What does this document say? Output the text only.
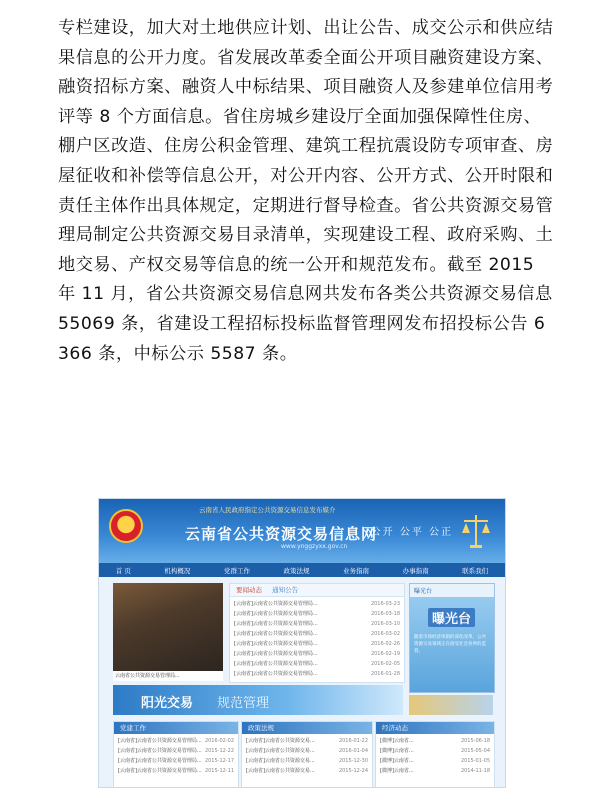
专栏建设，加大对土地供应计划、出让公告、成交公示和供应结果信息的公开力度。省发展改革委全面公开项目融资建设方案、融资招标方案、融资人中标结果、项目融资人及参建单位信用考评等 8 个方面信息。省住房城乡建设厅全面加强保障性住房、棚户区改造、住房公积金管理、建筑工程抗震设防专项审查、房屋征收和补偿等信息公开，对公开内容、公开方式、公开时限和责任主体作出具体规定，定期进行督导检查。省公共资源交易管理局制定公共资源交易目录清单，实现建设工程、政府采购、土地交易、产权交易等信息的统一公开和规范发布。截至 2015 年 11 月，省公共资源交易信息网共发布各类公共资源交易信息 55069 条，省建设工程招标投标监督管理网发布招投标公告 6366 条，中标公示 5587 条。
云南省人民政府指定公共资源交易信息发布媒介
云南省公共资源交易信息网
www.ynggzyxx.gov.cn
公开 公平 公正
首 页	机构概况	党群工作	政策法规	业务指南	办事指南	联系我们
云南省公共资源交易管理局...
要闻动态 通知公告
[云南省]云南省公共资源交易管理局...	2016-03-23
[云南省]云南省公共资源交易管理局...	2016-03-18
[云南省]云南省公共资源交易管理局...	2016-03-10
[云南省]云南省公共资源交易管理局...	2016-03-02
[云南省]云南省公共资源交易管理局...	2016-02-26
[云南省]云南省公共资源交易管理局...	2016-02-19
[云南省]云南省公共资源交易管理局...	2016-02-05
[云南省]云南省公共资源交易管理局...	2016-01-28
曝光台
曝光台
随着市场经济体制的深化改革，公共资源交易领域正在接受社会各界的监督。
阳光交易 规范管理
党建工作
[云南省]云南省公共资源交易管理局... 2016-02-02
[云南省]云南省公共资源交易管理局... 2015-12-22
[云南省]云南省公共资源交易管理局... 2015-12-17
[云南省]云南省公共资源交易管理局... 2015-12-11
政策法规
[云南省]云南省公共资源交易...	2016-01-22
[云南省]云南省公共资源交易...	2016-01-04
[云南省]云南省公共资源交易...	2015-12-30
[云南省]云南省公共资源交易...	2015-12-24
经济动态
[微博]云南省...	2015-06-18
[微博]云南省...	2015-05-04
[微博]云南省...	2015-01-05
[微博]云南省...	2014-11-18
